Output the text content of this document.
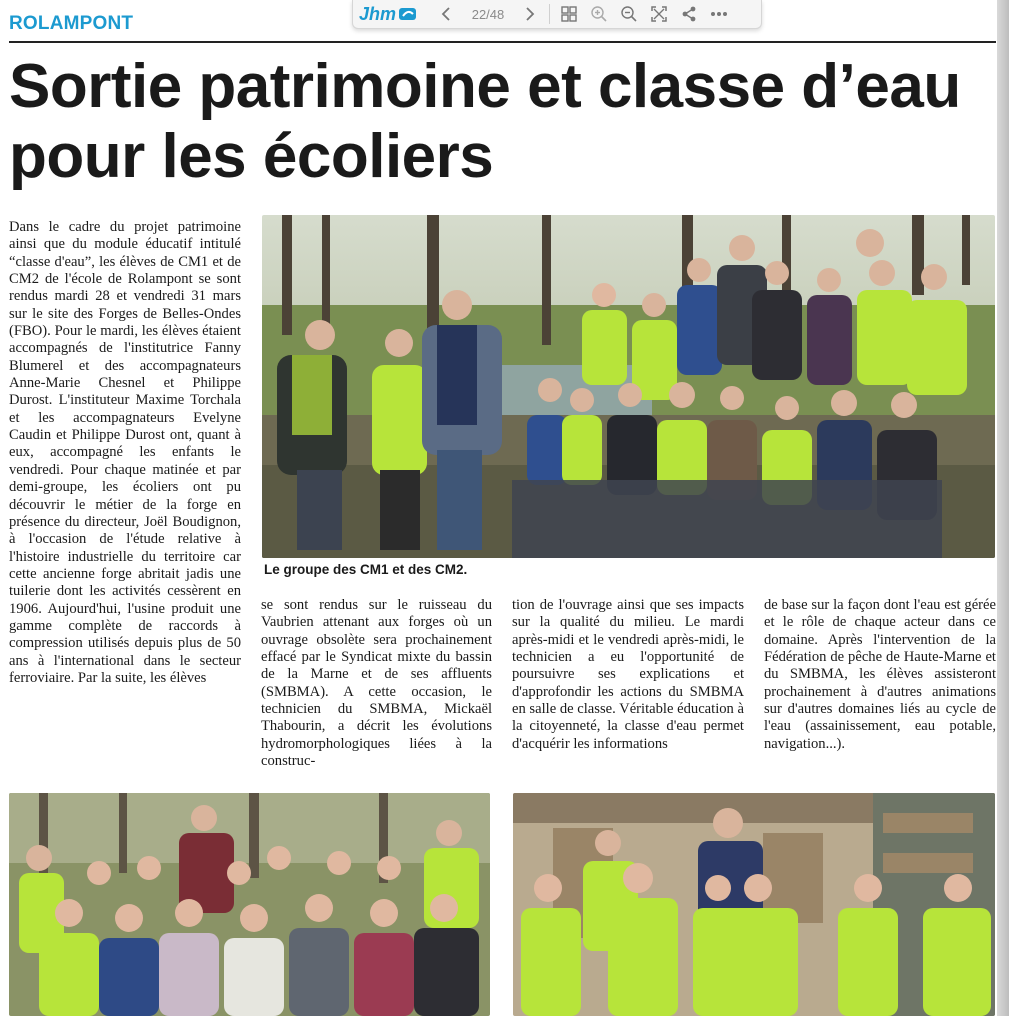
ROLAMPONT	Jhm	22/48
Sortie patrimoine et classe d’eau pour les écoliers

Dans le cadre du projet patrimoine ainsi que du module éducatif intitulé “classe d'eau”, les élèves de CM1 et de CM2 de l'école de Rolampont se sont rendus mardi 28 et vendredi 31 mars sur le site des Forges de Belles-Ondes (FBO). Pour le mardi, les élèves étaient accompagnés de l'institutrice Fanny Blumerel et des accompagnateurs Anne-Marie Chesnel et Philippe Durost. L'instituteur Maxime Torchala et les accompagnateurs Evelyne Caudin et Philippe Durost ont, quant à eux, accompagné les enfants le vendredi. Pour chaque matinée et par demi-groupe, les écoliers ont pu découvrir le métier de la forge en présence du directeur, Joël Boudignon, à l'occasion de l'étude relative à l'histoire industrielle du territoire car cette ancienne forge abritait jadis une tuilerie dont les activités cessèrent en 1906. Aujourd'hui, l'usine produit une gamme complète de raccords à compression utilisés depuis plus de 50 ans à l'international dans le secteur ferroviaire. Par la suite, les élèves

Le groupe des CM1 et des CM2.

se sont rendus sur le ruisseau du Vaubrien attenant aux forges où un ouvrage obsolète sera prochainement effacé par le Syndicat mixte du bassin de la Marne et de ses affluents (SMBMA). A cette occasion, le technicien du SMBMA, Mickaël Thabourin, a décrit les évolutions hydromorphologiques liées à la construc-

tion de l'ouvrage ainsi que ses impacts sur la qualité du milieu. Le mardi après-midi et le vendredi après-midi, le technicien a eu l'opportunité de poursuivre ses explications et d'approfondir les actions du SMBMA en salle de classe. Véritable éducation à la citoyenneté, la classe d'eau permet d'acquérir les informations

de base sur la façon dont l'eau est gérée et le rôle de chaque acteur dans ce domaine. Après l'intervention de la Fédération de pêche de Haute-Marne et du SMBMA, les élèves assisteront prochainement à d'autres animations sur d'autres domaines liés au cycle de l'eau (assainissement, eau potable, navigation...).
